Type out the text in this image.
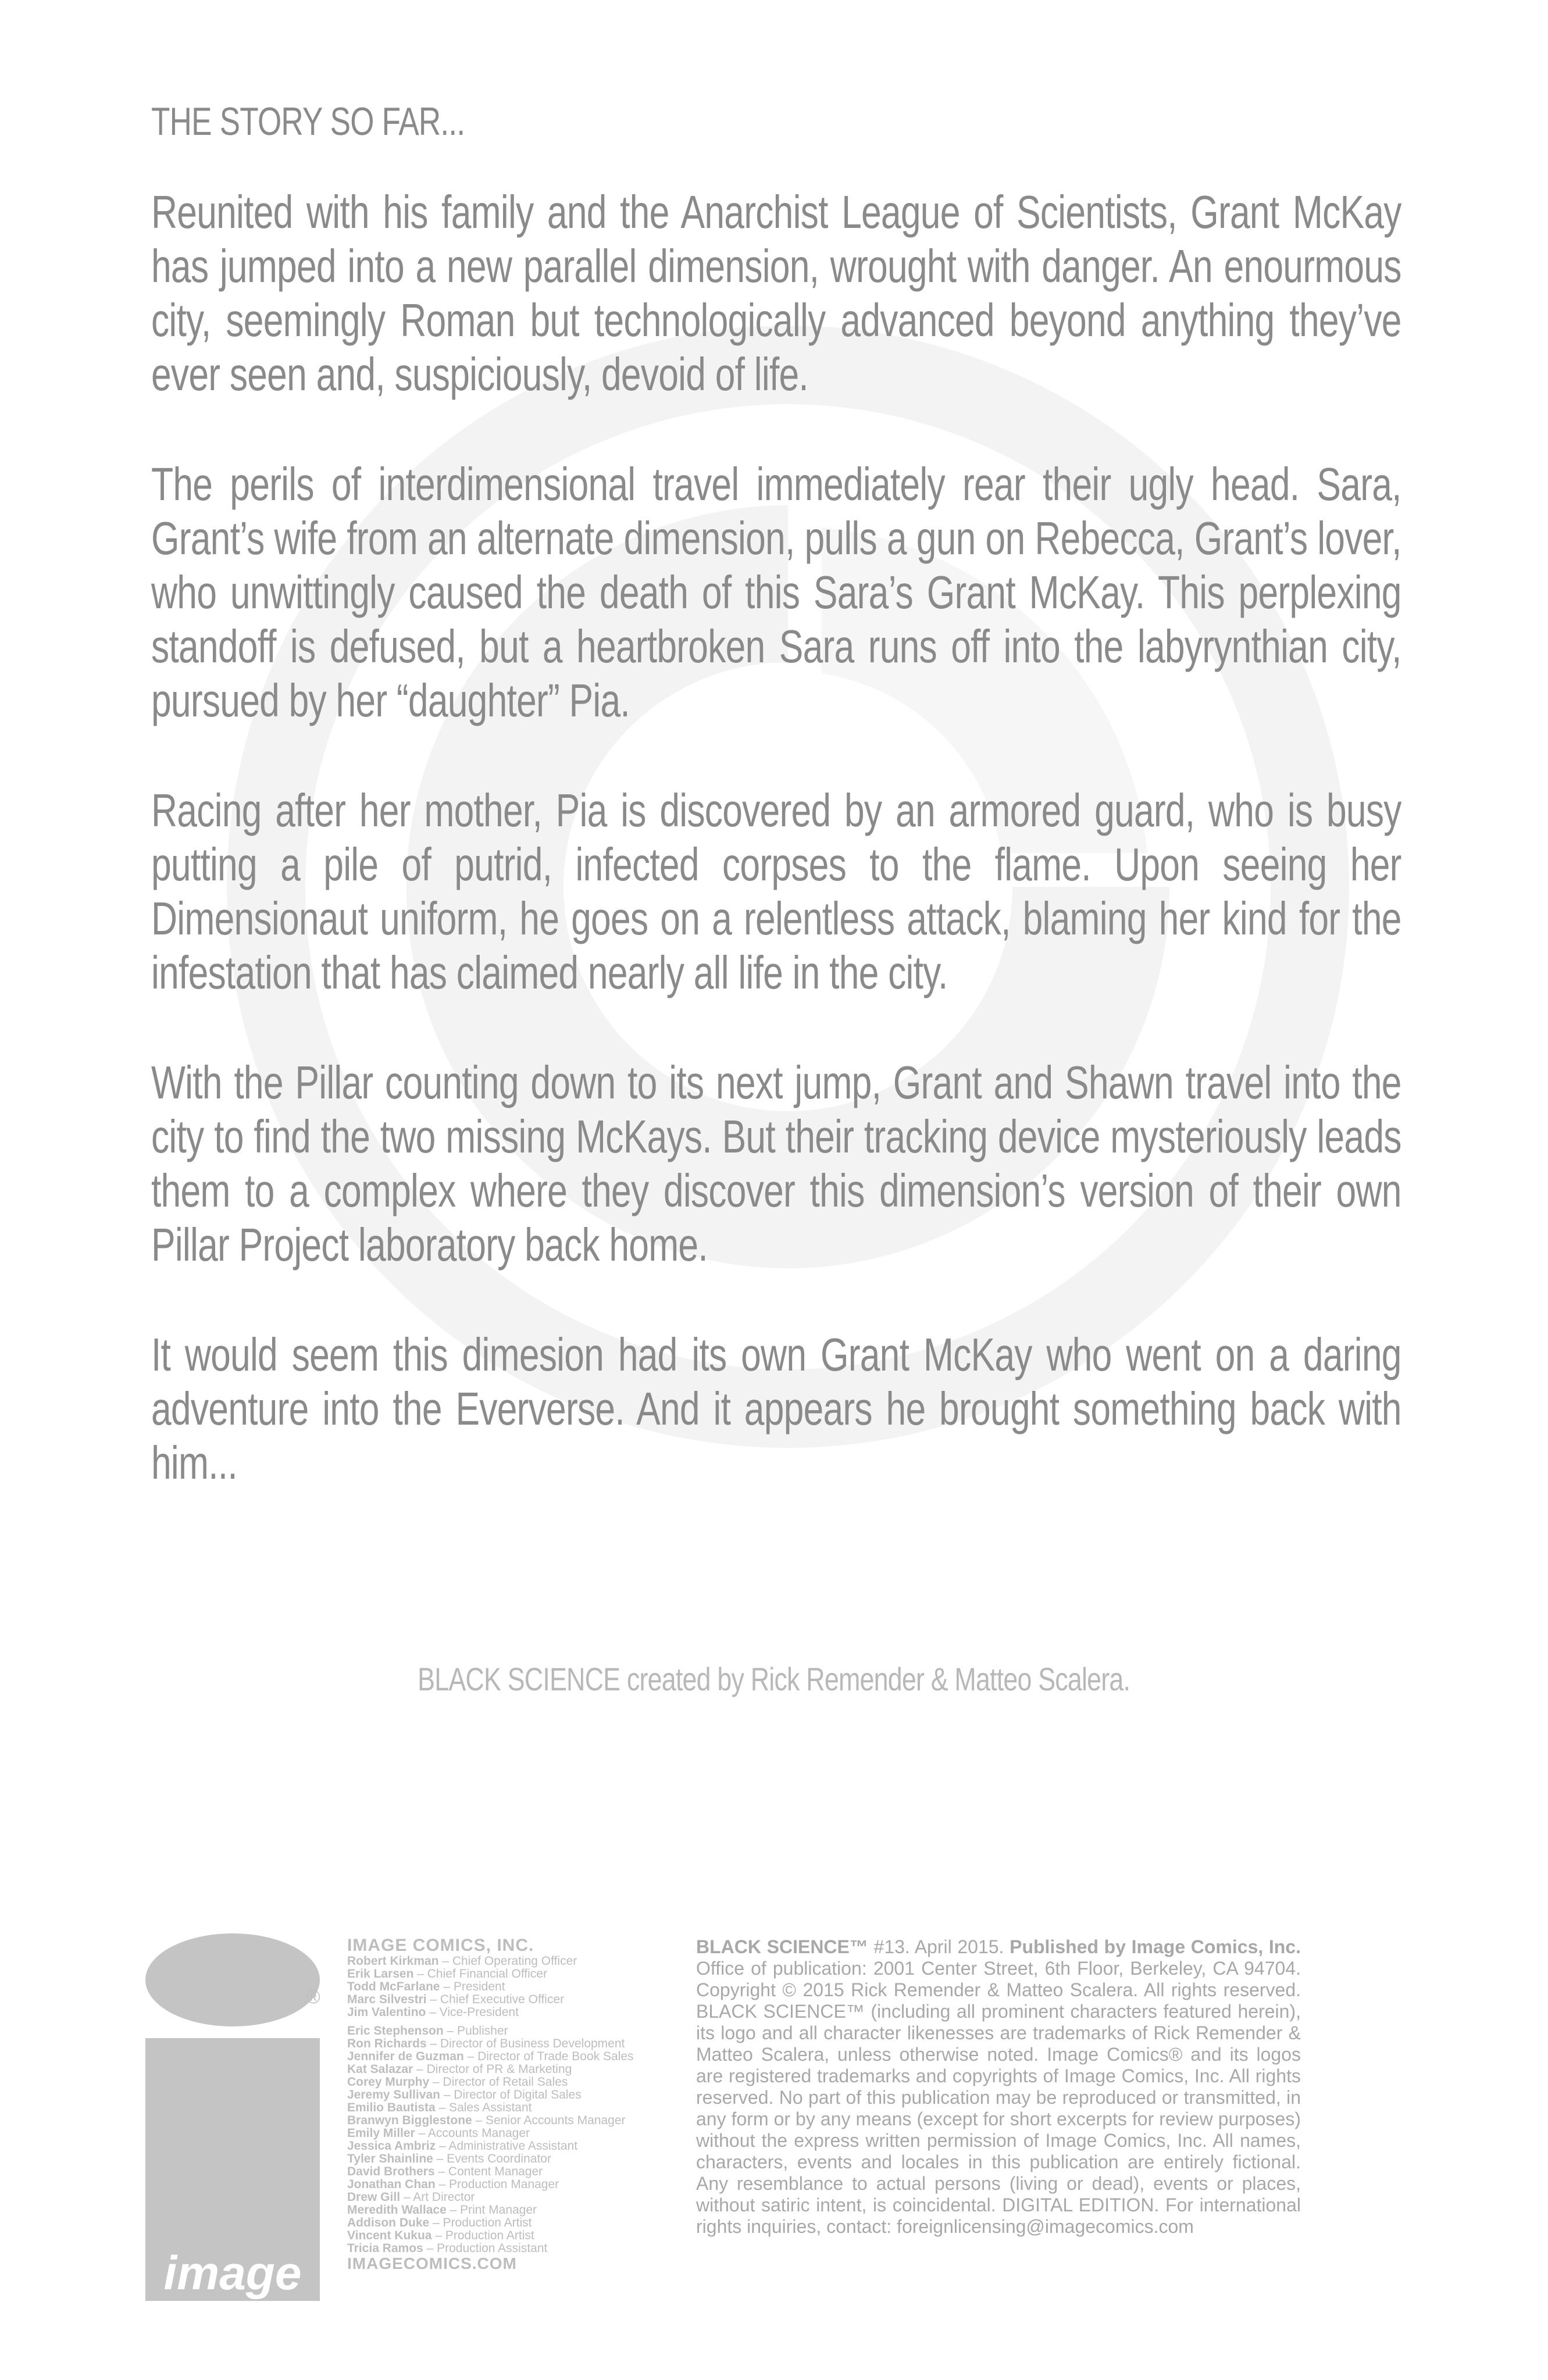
THE STORY SO FAR...

Reunited with his family and the Anarchist League of Scientists, Grant McKay has jumped into a new parallel dimension, wrought with danger. An enourmous city, seemingly Roman but technologically advanced beyond anything they’ve ever seen and, suspiciously, devoid of life.

The perils of interdimensional travel immediately rear their ugly head. Sara, Grant’s wife from an alternate dimension, pulls a gun on Rebecca, Grant’s lover, who unwittingly caused the death of this Sara’s Grant McKay. This perplexing standoff is defused, but a heartbroken Sara runs off into the labyrynthian city, pursued by her “daughter” Pia.

Racing after her mother, Pia is discovered by an armored guard, who is busy putting a pile of putrid, infected corpses to the flame. Upon seeing her Dimensionaut uniform, he goes on a relentless attack, blaming her kind for the infestation that has claimed nearly all life in the city.

With the Pillar counting down to its next jump, Grant and Shawn travel into the city to find the two missing McKays. But their tracking device mysteriously leads them to a complex where they discover this dimension’s version of their own Pillar Project laboratory back home.

It would seem this dimesion had its own Grant McKay who went on a daring adventure into the Eververse. And it appears he brought something back with him...

BLACK SCIENCE created by Rick Remender & Matteo Scalera.
image
®
IMAGE COMICS, INC.
Robert Kirkman – Chief Operating Officer
Erik Larsen – Chief Financial Officer
Todd McFarlane – President
Marc Silvestri – Chief Executive Officer
Jim Valentino – Vice-President
Eric Stephenson – Publisher
Ron Richards – Director of Business Development
Jennifer de Guzman – Director of Trade Book Sales
Kat Salazar – Director of PR & Marketing
Corey Murphy – Director of Retail Sales
Jeremy Sullivan – Director of Digital Sales
Emilio Bautista – Sales Assistant
Branwyn Bigglestone – Senior Accounts Manager
Emily Miller – Accounts Manager
Jessica Ambriz – Administrative Assistant
Tyler Shainline – Events Coordinator
David Brothers – Content Manager
Jonathan Chan – Production Manager
Drew Gill – Art Director
Meredith Wallace – Print Manager
Addison Duke – Production Artist
Vincent Kukua – Production Artist
Tricia Ramos – Production Assistant
IMAGECOMICS.COM
BLACK SCIENCE™ #13. April 2015. Published by Image Comics, Inc. Office of publication: 2001 Center Street, 6th Floor, Berkeley, CA 94704. Copyright © 2015 Rick Remender & Matteo Scalera. All rights reserved. BLACK SCIENCE™ (including all prominent characters featured herein), its logo and all character likenesses are trademarks of Rick Remender & Matteo Scalera, unless otherwise noted. Image Comics® and its logos are registered trademarks and copyrights of Image Comics, Inc. All rights reserved. No part of this publication may be reproduced or transmitted, in any form or by any means (except for short excerpts for review purposes) without the express written permission of Image Comics, Inc. All names, characters, events and locales in this publication are entirely fictional. Any resemblance to actual persons (living or dead), events or places, without satiric intent, is coincidental. DIGITAL EDITION. For international rights inquiries, contact: foreignlicensing@imagecomics.com
